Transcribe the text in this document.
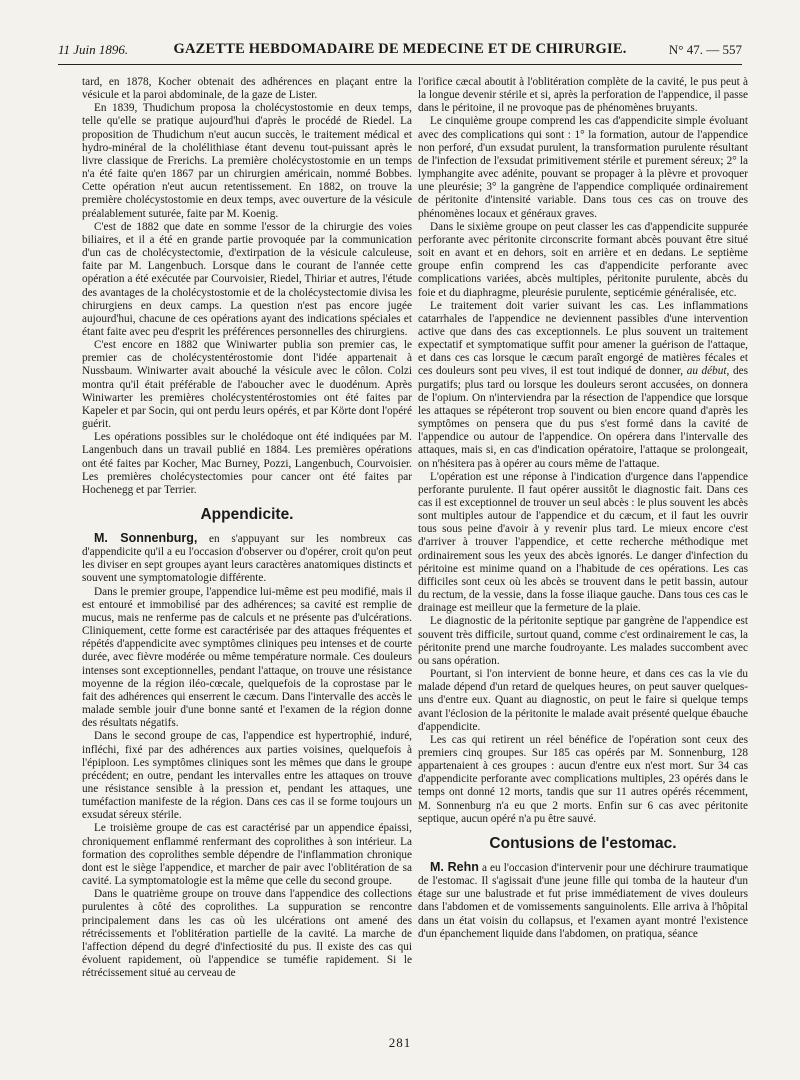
11 Juin 1896.	GAZETTE HEBDOMADAIRE DE MEDECINE ET DE CHIRURGIE.	N° 47. — 557

tard, en 1878, Kocher obtenait des adhérences en plaçant entre la vésicule et la paroi abdominale, de la gaze de Lister.

En 1839, Thudichum proposa la cholécystostomie en deux temps, telle qu'elle se pratique aujourd'hui d'après le procédé de Riedel. La proposition de Thudichum n'eut aucun succès, le traitement médical et hydro-minéral de la cholélithiase étant devenu tout-puissant après le livre classique de Frerichs. La première cholécystostomie en un temps n'a été faite qu'en 1867 par un chirurgien américain, nommé Bobbes. Cette opération n'eut aucun retentissement. En 1882, on trouve la première cholécystostomie en deux temps, avec ouverture de la vésicule préalablement suturée, faite par M. Koenig.

C'est de 1882 que date en somme l'essor de la chirurgie des voies biliaires, et il a été en grande partie provoquée par la communication d'un cas de cholécystectomie, d'extirpation de la vésicule calculeuse, faite par M. Langenbuch. Lorsque dans le courant de l'année cette opération a été exécutée par Courvoisier, Riedel, Thiriar et autres, l'étude des avantages de la cholécystostomie et de la cholécystectomie divisa les chirurgiens en deux camps. La question n'est pas encore jugée aujourd'hui, chacune de ces opérations ayant des indications spéciales et étant faite avec peu d'esprit les préférences personnelles des chirurgiens.

C'est encore en 1882 que Winiwarter publia son premier cas, le premier cas de cholécystentérostomie dont l'idée appartenait à Nussbaum. Winiwarter avait abouché la vésicule avec le côlon. Colzi montra qu'il était préférable de l'aboucher avec le duodénum. Après Winiwarter les premières cholécystentérostomies ont été faites par Kapeler et par Socin, qui ont perdu leurs opérés, et par Körte dont l'opéré guérit.

Les opérations possibles sur le cholédoque ont été indiquées par M. Langenbuch dans un travail publié en 1884. Les premières opérations ont été faites par Kocher, Mac Burney, Pozzi, Langenbuch, Courvoisier. Les premières cholécystectomies pour cancer ont été faites par Hochenegg et par Terrier.

Appendicite.

M. Sonnenburg, en s'appuyant sur les nombreux cas d'appendicite qu'il a eu l'occasion d'observer ou d'opérer, croit qu'on peut les diviser en sept groupes ayant leurs caractères anatomiques distincts et souvent une symptomatologie différente.

Dans le premier groupe, l'appendice lui-même est peu modifié, mais il est entouré et immobilisé par des adhérences; sa cavité est remplie de mucus, mais ne renferme pas de calculs et ne présente pas d'ulcérations. Cliniquement, cette forme est caractérisée par des attaques fréquentes et répétés d'appendicite avec symptômes cliniques peu intenses et de courte durée, avec fièvre modérée ou même température normale. Ces douleurs intenses sont exceptionnelles, pendant l'attaque, on trouve une résistance moyenne de la région iléo-cœcale, quelquefois de la coprostase par le fait des adhérences qui enserrent le cæcum. Dans l'intervalle des accès le malade semble jouir d'une bonne santé et l'examen de la région donne des résultats négatifs.

Dans le second groupe de cas, l'appendice est hypertrophié, induré, infléchi, fixé par des adhérences aux parties voisines, quelquefois à l'épiploon. Les symptômes cliniques sont les mêmes que dans le groupe précédent; en outre, pendant les intervalles entre les attaques on trouve une résistance sensible à la pression et, pendant les attaques, une tuméfaction manifeste de la région. Dans ces cas il se forme toujours un exsudat séreux stérile.

Le troisième groupe de cas est caractérisé par un appendice épaissi, chroniquement enflammé renfermant des coprolithes à son intérieur. La formation des coprolithes semble dépendre de l'inflammation chronique dont est le siège l'appendice, et marcher de pair avec l'oblitération de sa cavité. La symptomatologie est la même que celle du second groupe.

Dans le quatrième groupe on trouve dans l'appendice des collections purulentes à côté des coprolithes. La suppuration se rencontre principalement dans les cas où les ulcérations ont amené des rétrécissements et l'oblitération partielle de la cavité. La marche de l'affection dépend du degré d'infectiosité du pus. Il existe des cas qui évoluent rapidement, où l'appendice se tuméfie rapidement. Si le rétrécissement situé au cerveau de

l'orifice cæcal aboutit à l'oblitération complète de la cavité, le pus peut à la longue devenir stérile et si, après la perforation de l'appendice, il passe dans le péritoine, il ne provoque pas de phénomènes bruyants.

Le cinquième groupe comprend les cas d'appendicite simple évoluant avec des complications qui sont : 1° la formation, autour de l'appendice non perforé, d'un exsudat purulent, la transformation purulente résultant de l'infection de l'exsudat primitivement stérile et purement séreux; 2° la lymphangite avec adénite, pouvant se propager à la plèvre et provoquer une pleurésie; 3° la gangrène de l'appendice compliquée ordinairement de péritonite d'intensité variable. Dans tous ces cas on trouve des phénomènes locaux et généraux graves.

Dans le sixième groupe on peut classer les cas d'appendicite suppurée perforante avec péritonite circonscrite formant abcès pouvant être situé soit en avant et en dehors, soit en arrière et en dedans. Le septième groupe enfin comprend les cas d'appendicite perforante avec complications variées, abcès multiples, péritonite purulente, abcès du foie et du diaphragme, pleurésie purulente, septicémie généralisée, etc.

Le traitement doit varier suivant les cas. Les inflammations catarrhales de l'appendice ne deviennent passibles d'une intervention active que dans des cas exceptionnels. Le plus souvent un traitement expectatif et symptomatique suffit pour amener la guérison de l'attaque, et dans ces cas lorsque le cæcum paraît engorgé de matières fécales et ces douleurs sont peu vives, il est tout indiqué de donner, au début, des purgatifs; plus tard ou lorsque les douleurs seront accusées, on donnera de l'opium. On n'interviendra par la résection de l'appendice que lorsque les attaques se répéteront trop souvent ou bien encore quand d'après les symptômes on pensera que du pus s'est formé dans la cavité de l'appendice ou autour de l'appendice. On opérera dans l'intervalle des attaques, mais si, en cas d'indication opératoire, l'attaque se prolongeait, on n'hésitera pas à opérer au cours même de l'attaque.

L'opération est une réponse à l'indication d'urgence dans l'appendice perforante purulente. Il faut opérer aussitôt le diagnostic fait. Dans ces cas il est exceptionnel de trouver un seul abcès : le plus souvent les abcès sont multiples autour de l'appendice et du cæcum, et il faut les ouvrir tous sous peine d'avoir à y revenir plus tard. Le mieux encore c'est d'arriver à trouver l'appendice, et cette recherche méthodique met ordinairement sous les yeux des abcès ignorés. Le danger d'infection du péritoine est minime quand on a l'habitude de ces opérations. Les cas difficiles sont ceux où les abcès se trouvent dans le petit bassin, autour du rectum, de la vessie, dans la fosse iliaque gauche. Dans tous ces cas le drainage est meilleur que la fermeture de la plaie.

Le diagnostic de la péritonite septique par gangrène de l'appendice est souvent très difficile, surtout quand, comme c'est ordinairement le cas, la péritonite prend une marche foudroyante. Les malades succombent avec ou sans opération.

Pourtant, si l'on intervient de bonne heure, et dans ces cas la vie du malade dépend d'un retard de quelques heures, on peut sauver quelques-uns d'entre eux. Quant au diagnostic, on peut le faire si quelque temps avant l'éclosion de la péritonite le malade avait présenté quelque ébauche d'appendicite.

Les cas qui retirent un réel bénéfice de l'opération sont ceux des premiers cinq groupes. Sur 185 cas opérés par M. Sonnenburg, 128 appartenaient à ces groupes : aucun d'entre eux n'est mort. Sur 34 cas d'appendicite perforante avec complications multiples, 23 opérés dans le temps ont donné 12 morts, tandis que sur 11 autres opérés récemment, M. Sonnenburg n'a eu que 2 morts. Enfin sur 6 cas avec péritonite septique, aucun opéré n'a pu être sauvé.

Contusions de l'estomac.

M. Rehn a eu l'occasion d'intervenir pour une déchirure traumatique de l'estomac. Il s'agissait d'une jeune fille qui tomba de la hauteur d'un étage sur une balustrade et fut prise immédiatement de vives douleurs dans l'abdomen et de vomissements sanguinolents. Elle arriva à l'hôpital dans un état voisin du collapsus, et l'examen ayant montré l'existence d'un épanchement liquide dans l'abdomen, on pratiqua, séance

281
